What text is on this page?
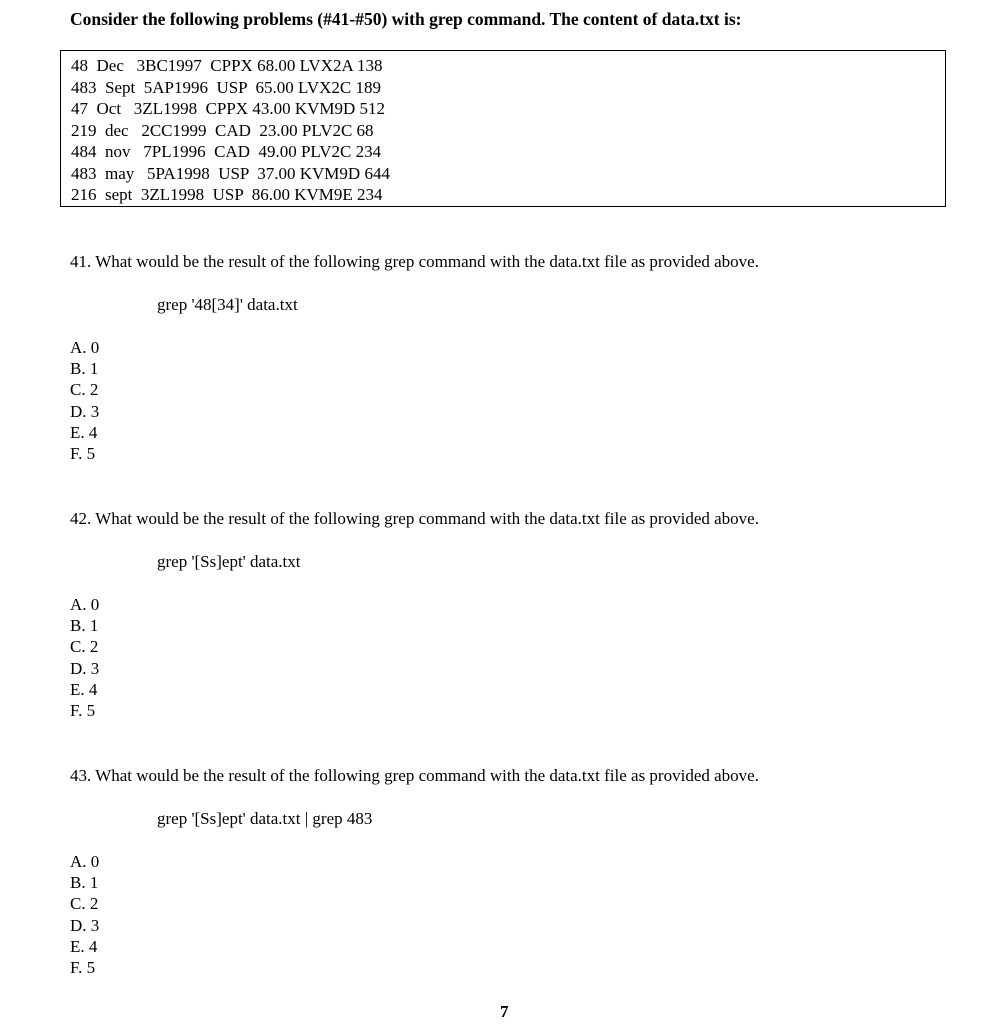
Consider the following problems (#41-#50) with grep command. The content of data.txt is:
48  Dec   3BC1997  CPPX 68.00 LVX2A 138
483  Sept  5AP1996  USP  65.00 LVX2C 189
47  Oct   3ZL1998  CPPX 43.00 KVM9D 512
219  dec   2CC1999  CAD  23.00 PLV2C 68
484  nov   7PL1996  CAD  49.00 PLV2C 234
483  may   5PA1998  USP  37.00 KVM9D 644
216  sept  3ZL1998  USP  86.00 KVM9E 234
41. What would be the result of the following grep command with the data.txt file as provided above.
grep '48[34]' data.txt
A. 0
B. 1
C. 2
D. 3
E. 4
F. 5
42. What would be the result of the following grep command with the data.txt file as provided above.
grep '[Ss]ept' data.txt
A. 0
B. 1
C. 2
D. 3
E. 4
F. 5
43. What would be the result of the following grep command with the data.txt file as provided above.
grep '[Ss]ept' data.txt | grep 483
A. 0
B. 1
C. 2
D. 3
E. 4
F. 5
7
